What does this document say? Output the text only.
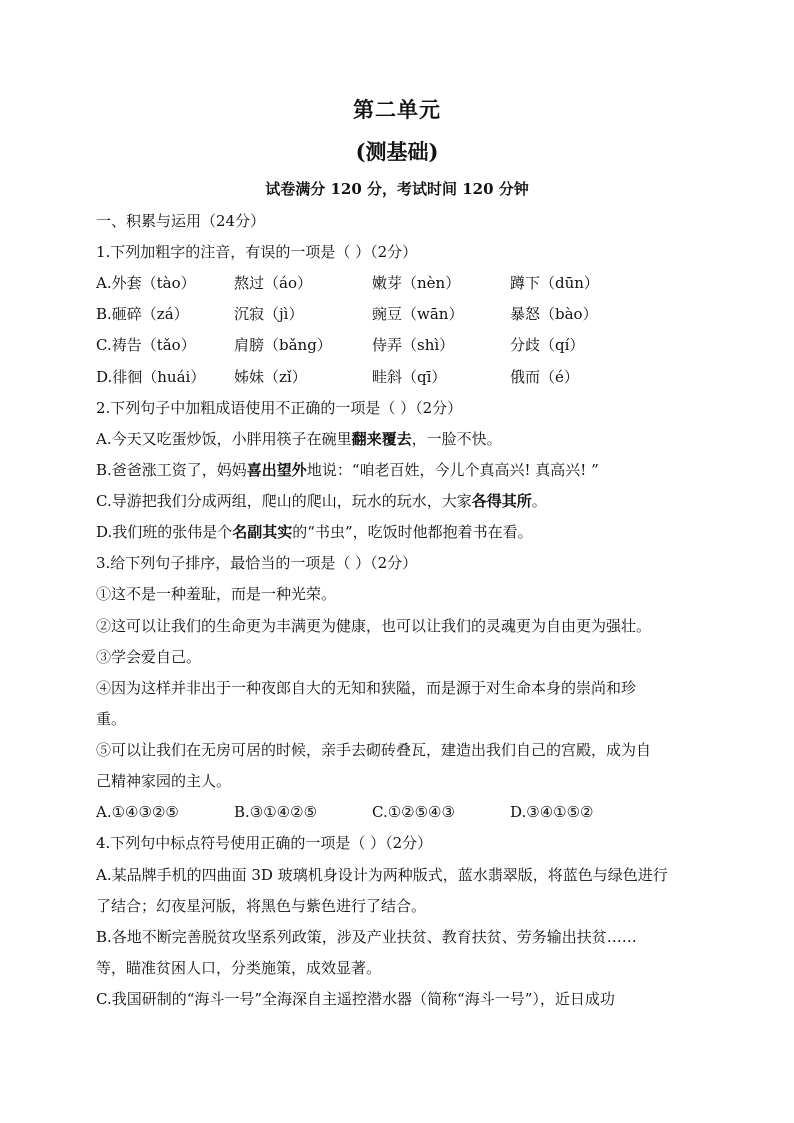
第二单元
(测基础)
试卷满分 120 分，考试时间 120 分钟
一、积累与运用（24分）
1.下列加粗字的注音，有误的一项是（ ）（2分）
A.外套（tào）	熬过（áo）	嫩芽（nèn）	蹲下（dūn）
B.砸碎（zá）	沉寂（jì）	豌豆（wān）	暴怒（bào）
C.祷告（tǎo）	肩膀（bǎng）	侍弄（shì）	分歧（qí）
D.徘徊（huái） 姊妹（zǐ）	畦斜（qī）	俄而（é）
2.下列句子中加粗成语使用不正确的一项是（ ）（2分）
A.今天又吃蛋炒饭，小胖用筷子在碗里翻来覆去，一脸不快。
B.爸爸涨工资了，妈妈喜出望外地说：“咱老百姓，今儿个真高兴! 真高兴! ”
C.导游把我们分成两组，爬山的爬山，玩水的玩水，大家各得其所。
D.我们班的张伟是个名副其实的“书虫”，吃饭时他都抱着书在看。
3.给下列句子排序，最恰当的一项是（ ）（2分）
①这不是一种羞耻，而是一种光荣。
②这可以让我们的生命更为丰满更为健康，也可以让我们的灵魂更为自由更为强壮。
③学会爱自己。
④因为这样并非出于一种夜郎自大的无知和狭隘，而是源于对生命本身的崇尚和珍
重。
⑤可以让我们在无房可居的时候，亲手去砌砖叠瓦，建造出我们自己的宫殿，成为自
己精神家园的主人。
A.①④③②⑤	B.③①④②⑤	C.①②⑤④③	D.③④①⑤②
4.下列句中标点符号使用正确的一项是（ ）（2分）
A.某品牌手机的四曲面 3D 玻璃机身设计为两种版式，蓝水翡翠版，将蓝色与绿色进行
了结合；幻夜星河版，将黑色与紫色进行了结合。
B.各地不断完善脱贫攻坚系列政策，涉及产业扶贫、教育扶贫、劳务输出扶贫……
等，瞄准贫困人口，分类施策，成效显著。
C.我国研制的“海斗一号”全海深自主遥控潜水器（简称“海斗一号”），近日成功
